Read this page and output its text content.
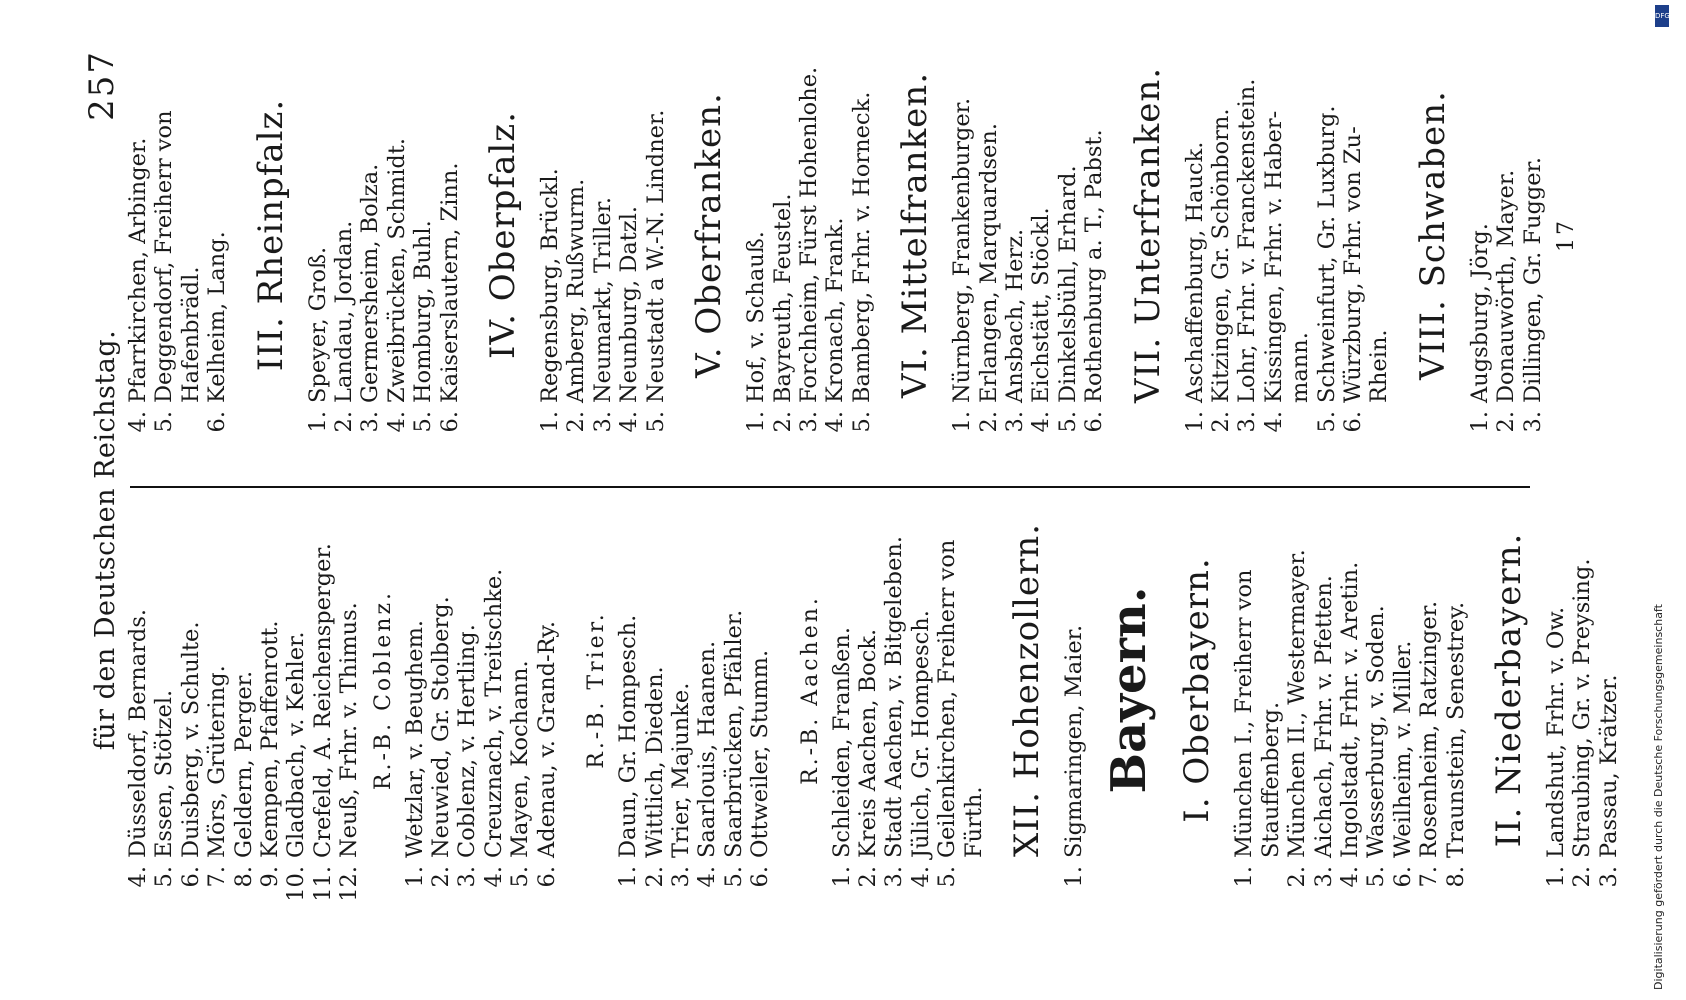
für den Deutschen Reichstag.
257
4.
Düsseldorf, Bernards.
5.
Essen, Stötzel.
6.
Duisberg, v. Schulte.
7.
Mörs, Grütering.
8.
Geldern, Perger.
9.
Kempen, Pfaffenrott.
10.
Gladbach, v. Kehler.
11.
Crefeld, A. Reichensperger.
12.
Neuß, Frhr. v. Thimus. R.-B. Coblenz.
1.
Wetzlar, v. Beughem.
2.
Neuwied, Gr. Stolberg.
3.
Coblenz, v. Hertling.
4.
Creuznach, v. Treitschke.
5.
Mayen, Kochann.
6.
Adenau, v. Grand-Ry. R.-B. Trier.
1.
Daun, Gr. Hompesch.
2.
Wittlich, Dieden.
3.
Trier, Majunke.
4.
Saarlouis, Haanen.
5.
Saarbrücken, Pfähler.
6.
Ottweiler, Stumm. R.-B. Aachen.
1.
Schleiden, Franßen.
2.
Kreis Aachen, Bock.
3.
Stadt Aachen, v. Bitgeleben.
4.
Jülich, Gr. Hompesch.
5.
Geilenkirchen, Freiherr von Fürth. XII. Hohenzollern.
1.
Sigmaringen, Maier. Bayern. I. Oberbayern.
1.
München I., Freiherr von Stauffenberg.
2.
München II., Westermayer.
3.
Aichach, Frhr. v. Pfetten.
4.
Ingolstadt, Frhr. v. Aretin.
5.
Wasserburg, v. Soden.
6.
Weilheim, v. Miller.
7.
Rosenheim, Ratzinger.
8.
Traunstein, Senestrey. II. Niederbayern.
1.
Landshut, Frhr. v. Ow.
2.
Straubing, Gr. v. Preysing.
3.
Passau, Krätzer.
4.
Pfarrkirchen, Arbinger.
5.
Deggendorf, Freiherr von Hafenbrädl.
6.
Kelheim, Lang. III. Rheinpfalz.
1.
Speyer, Groß.
2.
Landau, Jordan.
3.
Germersheim, Bolza.
4.
Zweibrücken, Schmidt.
5.
Homburg, Buhl.
6.
Kaiserslautern, Zinn. IV. Oberpfalz.
1.
Regensburg, Brückl.
2.
Amberg, Rußwurm.
3.
Neumarkt, Triller.
4.
Neunburg, Datzl.
5.
Neustadt a W.-N. Lindner. V. Oberfranken.
1.
Hof, v. Schauß.
2.
Bayreuth, Feustel.
3.
Forchheim, Fürst Hohenlohe.
4.
Kronach, Frank.
5.
Bamberg, Frhr. v. Horneck. VI. Mittelfranken.
1.
Nürnberg, Frankenburger.
2.
Erlangen, Marquardsen.
3.
Ansbach, Herz.
4.
Eichstätt, Stöckl.
5.
Dinkelsbühl, Erhard.
6.
Rothenburg a. T., Pabst. VII. Unterfranken.
1.
Aschaffenburg, Hauck.
2.
Kitzingen, Gr. Schönborn.
3.
Lohr, Frhr. v. Franckenstein.
4.
Kissingen, Frhr. v. Haber- mann.
5.
Schweinfurt, Gr. Luxburg.
6.
Würzburg, Frhr. von Zu- Rhein. VIII. Schwaben.
1.
Augsburg, Jörg.
2.
Donauwörth, Mayer.
3.
Dillingen, Gr. Fugger. 17
DFG
Digitalisierung gefördert durch die Deutsche Forschungsgemeinschaft
